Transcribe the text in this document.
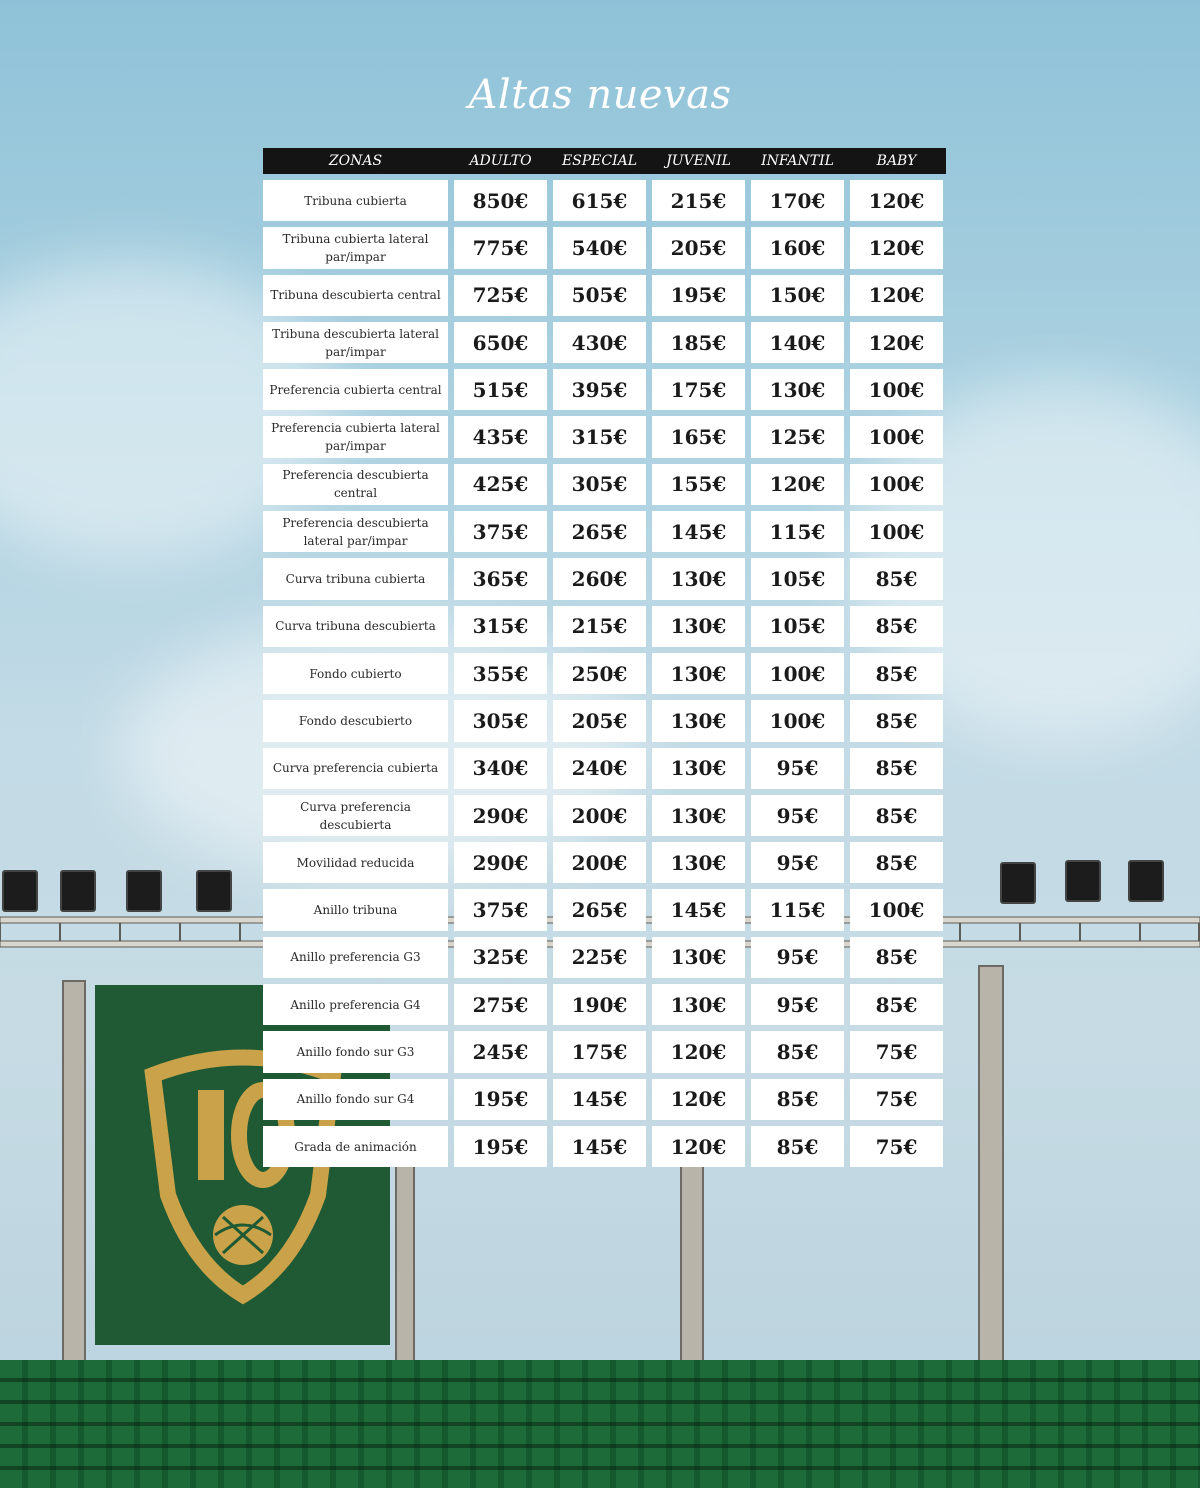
Altas nuevas
ZONAS	ADULTO	ESPECIAL	JUVENIL	INFANTIL	BABY
Tribuna cubierta	850€	615€	215€	170€	120€
Tribuna cubierta lateral par/impar	775€	540€	205€	160€	120€
Tribuna descubierta central	725€	505€	195€	150€	120€
Tribuna descubierta lateral par/impar	650€	430€	185€	140€	120€
Preferencia cubierta central	515€	395€	175€	130€	100€
Preferencia cubierta lateral par/impar	435€	315€	165€	125€	100€
Preferencia descubierta central	425€	305€	155€	120€	100€
Preferencia descubierta lateral par/impar	375€	265€	145€	115€	100€
Curva tribuna cubierta	365€	260€	130€	105€	85€
Curva tribuna descubierta	315€	215€	130€	105€	85€
Fondo cubierto	355€	250€	130€	100€	85€
Fondo descubierto	305€	205€	130€	100€	85€
Curva preferencia cubierta	340€	240€	130€	95€	85€
Curva preferencia descubierta	290€	200€	130€	95€	85€
Movilidad reducida	290€	200€	130€	95€	85€
Anillo tribuna	375€	265€	145€	115€	100€
Anillo preferencia G3	325€	225€	130€	95€	85€
Anillo preferencia G4	275€	190€	130€	95€	85€
Anillo fondo sur G3	245€	175€	120€	85€	75€
Anillo fondo sur G4	195€	145€	120€	85€	75€
Grada de animación	195€	145€	120€	85€	75€
